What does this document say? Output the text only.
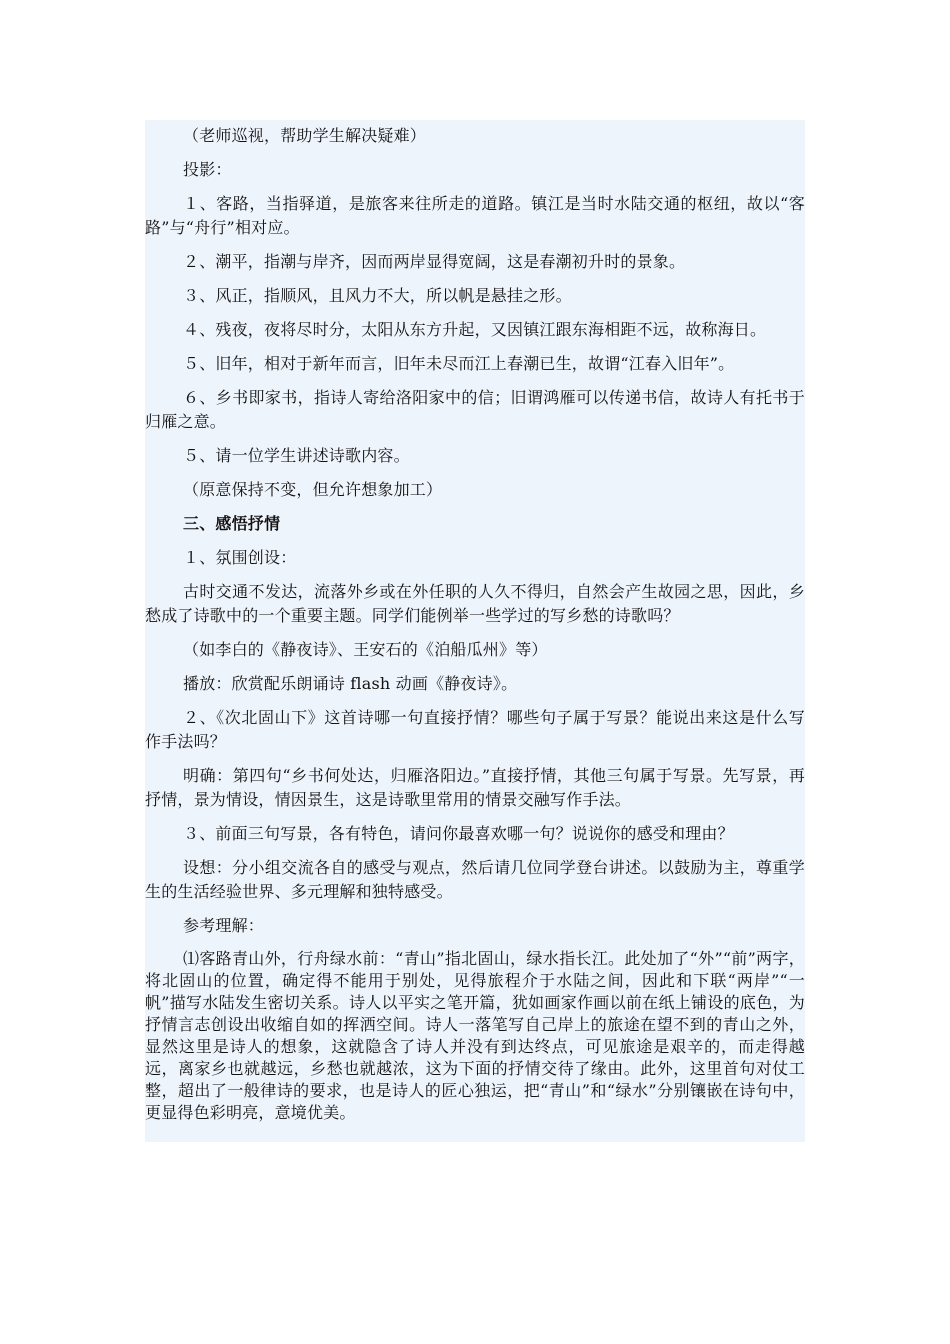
（老师巡视，帮助学生解决疑难）

投影：

１、客路，当指驿道，是旅客来往所走的道路。镇江是当时水陆交通的枢纽，故以“客路”与“舟行”相对应。

２、潮平，指潮与岸齐，因而两岸显得宽阔，这是春潮初升时的景象。

３、风正，指顺风，且风力不大，所以帆是悬挂之形。

４、残夜，夜将尽时分，太阳从东方升起，又因镇江跟东海相距不远，故称海日。

５、旧年，相对于新年而言，旧年未尽而江上春潮已生，故谓“江春入旧年”。

６、乡书即家书，指诗人寄给洛阳家中的信；旧谓鸿雁可以传递书信，故诗人有托书于归雁之意。

５、请一位学生讲述诗歌内容。

（原意保持不变，但允许想象加工）

三、感悟抒情

１、氛围创设：

古时交通不发达，流落外乡或在外任职的人久不得归，自然会产生故园之思，因此，乡愁成了诗歌中的一个重要主题。同学们能例举一些学过的写乡愁的诗歌吗？

（如李白的《静夜诗》、王安石的《泊船瓜州》等）

播放：欣赏配乐朗诵诗 flash 动画《静夜诗》。

２、《次北固山下》这首诗哪一句直接抒情？哪些句子属于写景？能说出来这是什么写作手法吗？

明确：第四句“乡书何处达，归雁洛阳边。”直接抒情，其他三句属于写景。先写景，再抒情，景为情设，情因景生，这是诗歌里常用的情景交融写作手法。

３、前面三句写景，各有特色，请问你最喜欢哪一句？说说你的感受和理由？

设想：分小组交流各自的感受与观点，然后请几位同学登台讲述。以鼓励为主，尊重学生的生活经验世界、多元理解和独特感受。

参考理解：

⑴客路青山外，行舟绿水前：“青山”指北固山，绿水指长江。此处加了“外”“前”两字，将北固山的位置，确定得不能用于别处，见得旅程介于水陆之间，因此和下联“两岸”“一帆”描写水陆发生密切关系。诗人以平实之笔开篇，犹如画家作画以前在纸上铺设的底色，为抒情言志创设出收缩自如的挥洒空间。诗人一落笔写自己岸上的旅途在望不到的青山之外，显然这里是诗人的想象，这就隐含了诗人并没有到达终点，可见旅途是艰辛的，而走得越远，离家乡也就越远，乡愁也就越浓，这为下面的抒情交待了缘由。此外，这里首句对仗工整，超出了一般律诗的要求，也是诗人的匠心独运，把“青山”和“绿水”分别镶嵌在诗句中，更显得色彩明亮，意境优美。
